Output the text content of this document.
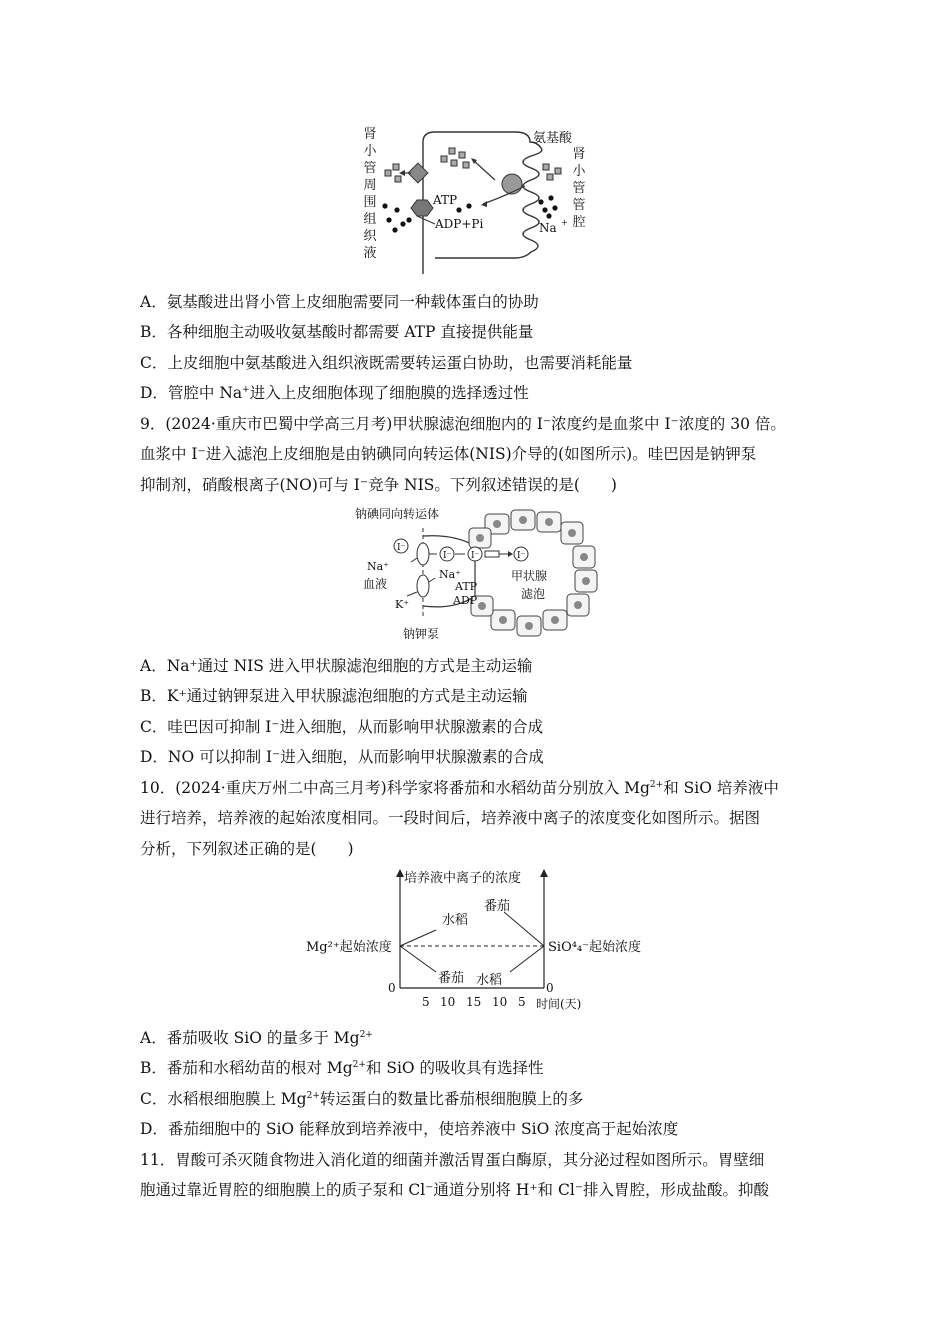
肾小管周围组织液
肾小管管腔
氨基酸
ATP
ADP+Pi	Na +
A．氨基酸进出肾小管上皮细胞需要同一种载体蛋白的协助
B．各种细胞主动吸收氨基酸时都需要 ATP 直接提供能量
C．上皮细胞中氨基酸进入组织液既需要转运蛋白协助，也需要消耗能量
D．管腔中 Na+进入上皮细胞体现了细胞膜的选择透过性
9．(2024·重庆市巴蜀中学高三月考)甲状腺滤泡细胞内的 I⁻浓度约是血浆中 I⁻浓度的 30 倍。
血浆中 I⁻进入滤泡上皮细胞是由钠碘同向转运体(NIS)介导的(如图所示)。哇巴因是钠钾泵
抑制剂，硝酸根离子(NO)可与 I⁻竞争 NIS。下列叙述错误的是(　　)
I⁻
I⁻ I⁻	I⁻
钠碘同向转运体
Na⁺
血液
K⁺
Na⁺
ATP
ADP
甲状腺
滤泡
钠钾泵
A．Na⁺通过 NIS 进入甲状腺滤泡细胞的方式是主动运输
B．K⁺通过钠钾泵进入甲状腺滤泡细胞的方式是主动运输
C．哇巴因可抑制 I⁻进入细胞，从而影响甲状腺激素的合成
D．NO 可以抑制 I⁻进入细胞，从而影响甲状腺激素的合成
10．(2024·重庆万州二中高三月考)科学家将番茄和水稻幼苗分别放入 $Mg^{2+}$和 SiO 培养液中
进行培养，培养液的起始浓度相同。一段时间后，培养液中离子的浓度变化如图所示。据图
分析，下列叙述正确的是(　　)
培养液中离子的浓度
Mg²⁺起始浓度	SiO⁴₄⁻起始浓度
水稻
番茄
番茄
水稻
0	0
5 10 15 10 5 时间(天)
A．番茄吸收 SiO 的量多于 $Mg^{2+}$
B．番茄和水稻幼苗的根对 $Mg^{2+}$和 SiO 的吸收具有选择性
C．水稻根细胞膜上 $Mg^{2+}$转运蛋白的数量比番茄根细胞膜上的多
D．番茄细胞中的 SiO 能释放到培养液中，使培养液中 SiO 浓度高于起始浓度
11．胃酸可杀灭随食物进入消化道的细菌并激活胃蛋白酶原，其分泌过程如图所示。胃壁细
胞通过靠近胃腔的细胞膜上的质子泵和 Cl⁻通道分别将 H⁺和 Cl⁻排入胃腔，形成盐酸。抑酸
